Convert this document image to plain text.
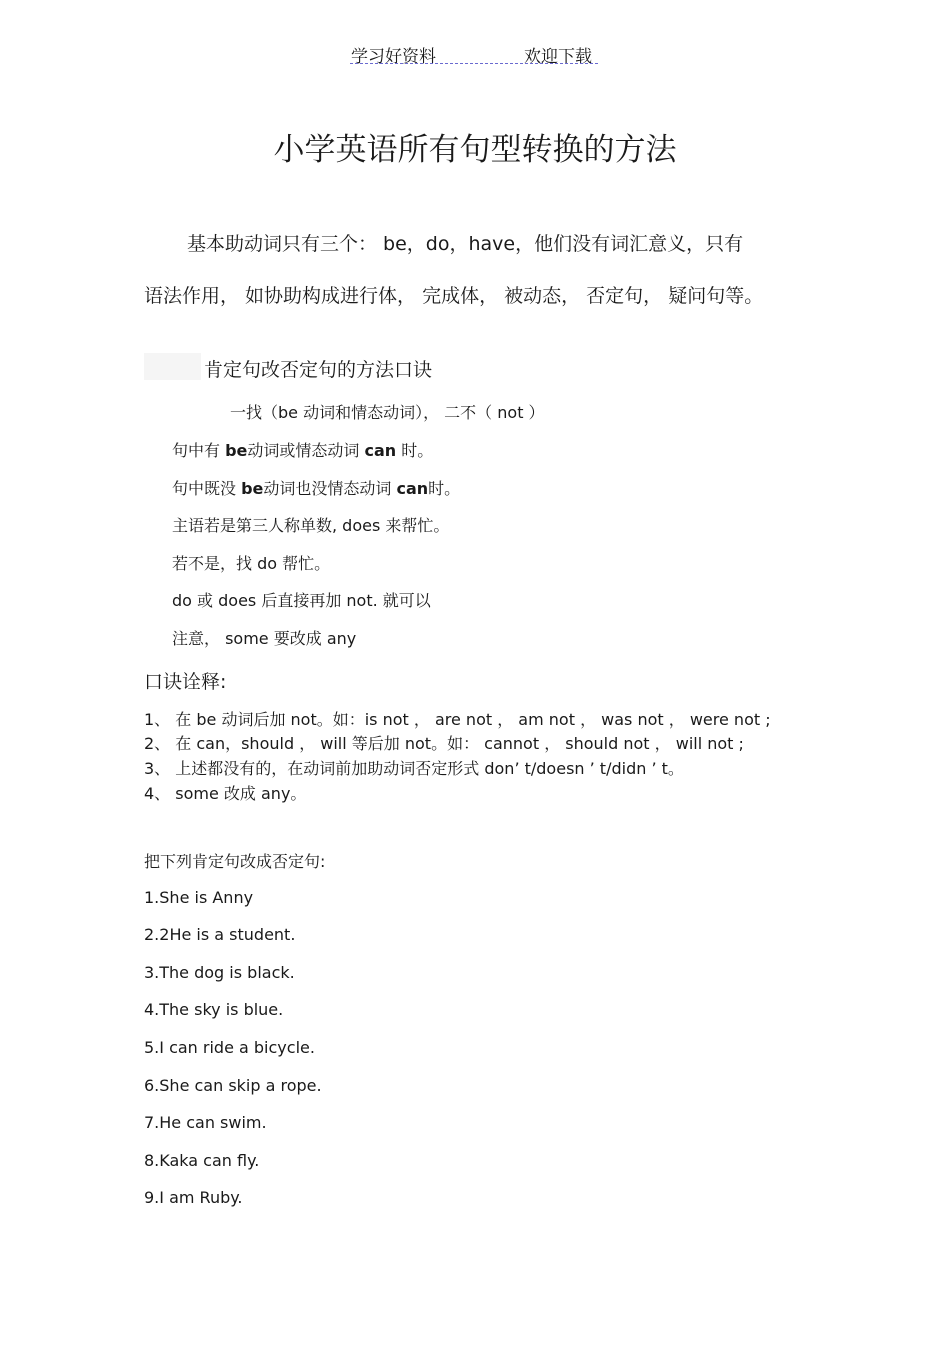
学习好资料	欢迎下载
小学英语所有句型转换的方法
基本助动词只有三个： be，do，have，他们没有词汇意义，只有
语法作用， 如协助构成进行体， 完成体， 被动态， 否定句， 疑问句等。
肯定句改否定句的方法口诀
一找（be 动词和情态动词）， 二不（ not ）
句中有 be动词或情态动词 can 时。
句中既没 be动词也没情态动词 can时。
主语若是第三人称单数, does 来帮忙。
若不是，找 do 帮忙。
do 或 does 后直接再加 not. 就可以
注意， some 要改成 any
口诀诠释:
1、 在 be 动词后加 not。如：is not ， are not ， am not ， was not ， were not ;
2、 在 can，should ， will 等后加 not。如： cannot ， should not ， will not ;
3、 上述都没有的，在动词前加助动词否定形式 don’ t/doesn ’ t/didn ’ t。
4、 some 改成 any。
把下列肯定句改成否定句:
1.She is Anny
2.2He is a student.
3.The dog is black.
4.The sky is blue.
5.I can ride a bicycle.
6.She can skip a rope.
7.He can swim.
8.Kaka can fly.
9.I am Ruby.
